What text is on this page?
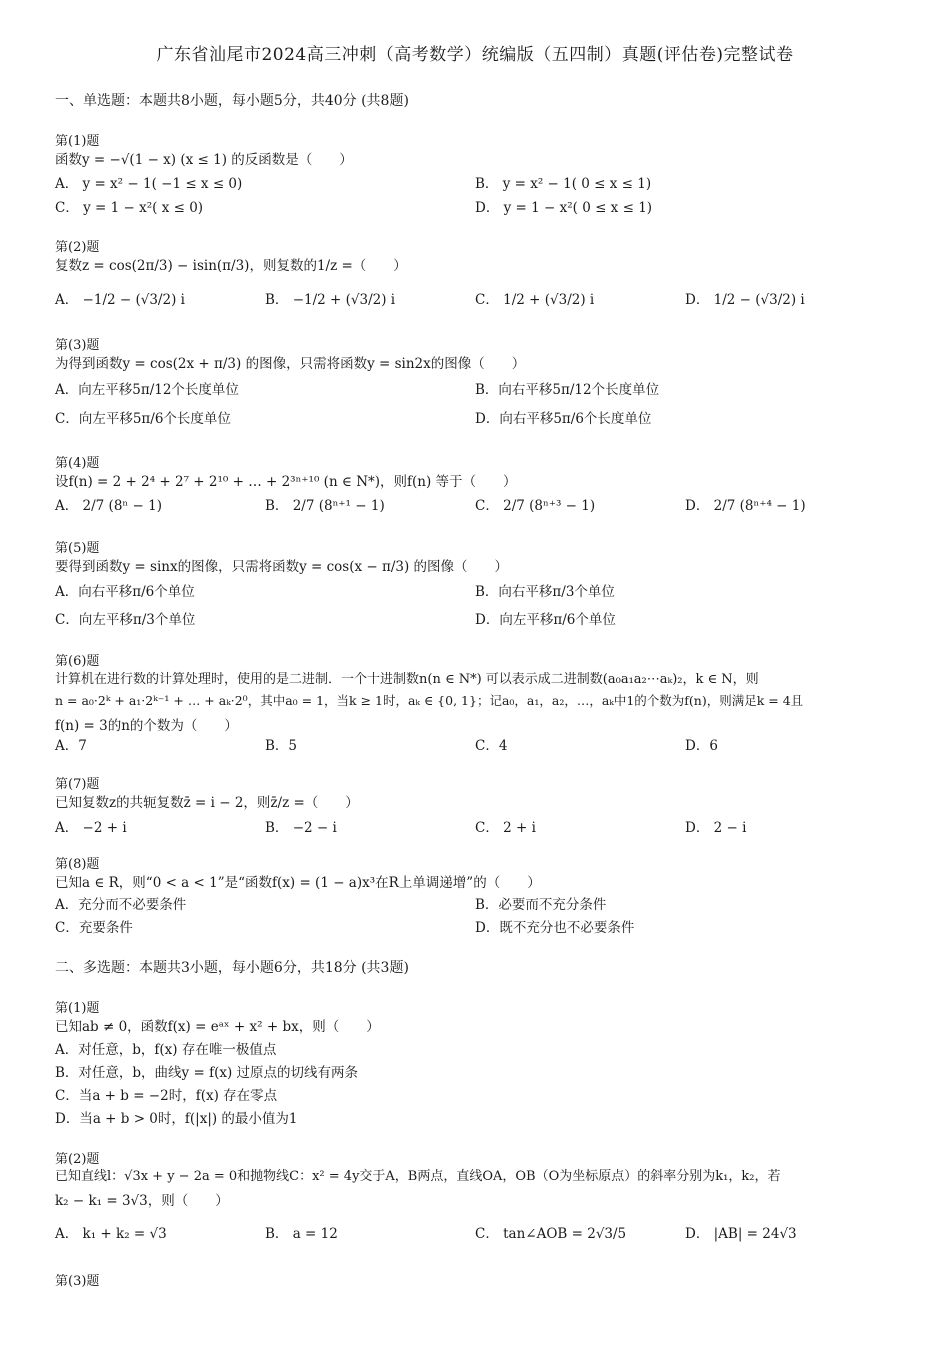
广东省汕尾市2024高三冲刺（高考数学）统编版（五四制）真题(评估卷)完整试卷
一、单选题：本题共8小题，每小题5分，共40分 (共8题)
第(1)题
函数y = −√(1 − x) (x ≤ 1) 的反函数是（　　）
A． y = x² − 1( −1 ≤ x ≤ 0)	B． y = x² − 1( 0 ≤ x ≤ 1)
C． y = 1 − x²( x ≤ 0)	D． y = 1 − x²( 0 ≤ x ≤ 1)
第(2)题
复数z = cos(2π/3) − isin(π/3)，则复数的1/z =（　　）
A． −1/2 − (√3/2) i	B． −1/2 + (√3/2) i	C． 1/2 + (√3/2) i	D． 1/2 − (√3/2) i
第(3)题
为得到函数y = cos(2x + π/3) 的图像，只需将函数y = sin2x的图像（　　）
A．向左平移5π/12个长度单位	B．向右平移5π/12个长度单位
C．向左平移5π/6个长度单位	D．向右平移5π/6个长度单位
第(4)题
设f(n) = 2 + 2⁴ + 2⁷ + 2¹⁰ + … + 2³ⁿ⁺¹⁰ (n ∈ N*)，则f(n) 等于（　　）
A． 2/7 (8ⁿ − 1)	B． 2/7 (8ⁿ⁺¹ − 1)	C． 2/7 (8ⁿ⁺³ − 1)	D． 2/7 (8ⁿ⁺⁴ − 1)
第(5)题
要得到函数y = sinx的图像，只需将函数y = cos(x − π/3) 的图像（　　）
A．向右平移π/6个单位	B．向右平移π/3个单位
C．向左平移π/3个单位	D．向左平移π/6个单位
第(6)题
计算机在进行数的计算处理时，使用的是二进制．一个十进制数n(n ∈ N*) 可以表示成二进制数(a₀a₁a₂⋯aₖ)₂，k ∈ N，则
n = a₀·2ᵏ + a₁·2ᵏ⁻¹ + … + aₖ·2⁰，其中a₀ = 1，当k ≥ 1时，aₖ ∈ {0, 1}；记a₀，a₁，a₂，…，aₖ中1的个数为f(n)，则满足k = 4且
f(n) = 3的n的个数为（　　）
A．7	B．5	C．4	D．6
第(7)题
已知复数z的共轭复数z̄ = i − 2，则z̄/z =（　　）
A． −2 + i	B． −2 − i	C． 2 + i	D． 2 − i
第(8)题
已知a ∈ R，则“0 < a < 1”是“函数f(x) = (1 − a)x³在R上单调递增”的（　　）
A．充分而不必要条件	B．必要而不充分条件
C．充要条件	D．既不充分也不必要条件
二、多选题：本题共3小题，每小题6分，共18分 (共3题)
第(1)题
已知ab ≠ 0，函数f(x) = eᵃˣ + x² + bx，则（　　）
A．对任意，b，f(x) 存在唯一极值点
B．对任意，b，曲线y = f(x) 过原点的切线有两条
C．当a + b = −2时，f(x) 存在零点
D．当a + b > 0时，f(|x|) 的最小值为1
第(2)题
已知直线l：√3x + y − 2a = 0和抛物线C：x² = 4y交于A，B两点，直线OA，OB（O为坐标原点）的斜率分别为k₁，k₂，若
k₂ − k₁ = 3√3，则（　　）
A． k₁ + k₂ = √3	B． a = 12	C． tan∠AOB = 2√3/5	D． |AB| = 24√3
第(3)题
